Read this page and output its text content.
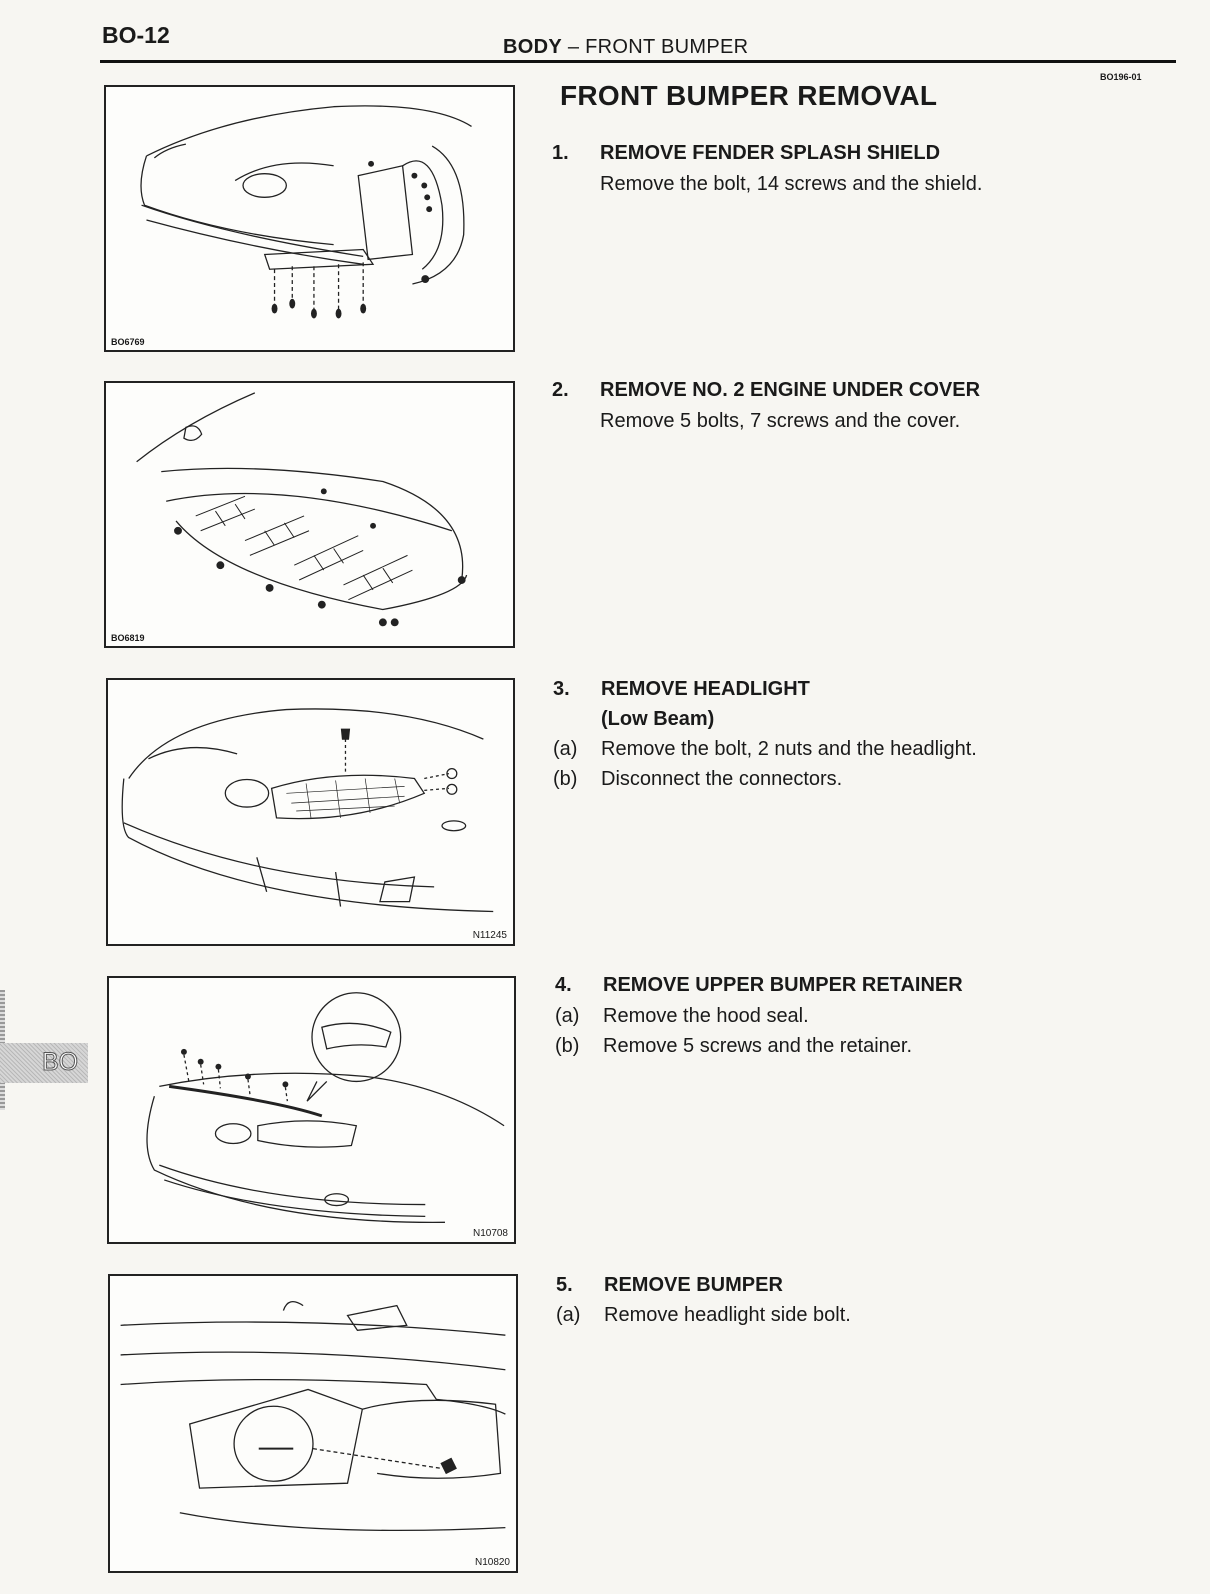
BO-12	BODY – FRONT BUMPER
BO196-01
FRONT BUMPER REMOVAL
BO
BO6769
BO6819
N11245
N10708
N10820
1. REMOVE FENDER SPLASH SHIELD
Remove the bolt, 14 screws and the shield.
2. REMOVE NO. 2 ENGINE UNDER COVER
Remove 5 bolts, 7 screws and the cover.
3. REMOVE HEADLIGHT
(Low Beam)
(a) Remove the bolt, 2 nuts and the headlight.
(b) Disconnect the connectors.
4. REMOVE UPPER BUMPER RETAINER
(a) Remove the hood seal.
(b) Remove 5 screws and the retainer.
5. REMOVE BUMPER
(a) Remove headlight side bolt.
